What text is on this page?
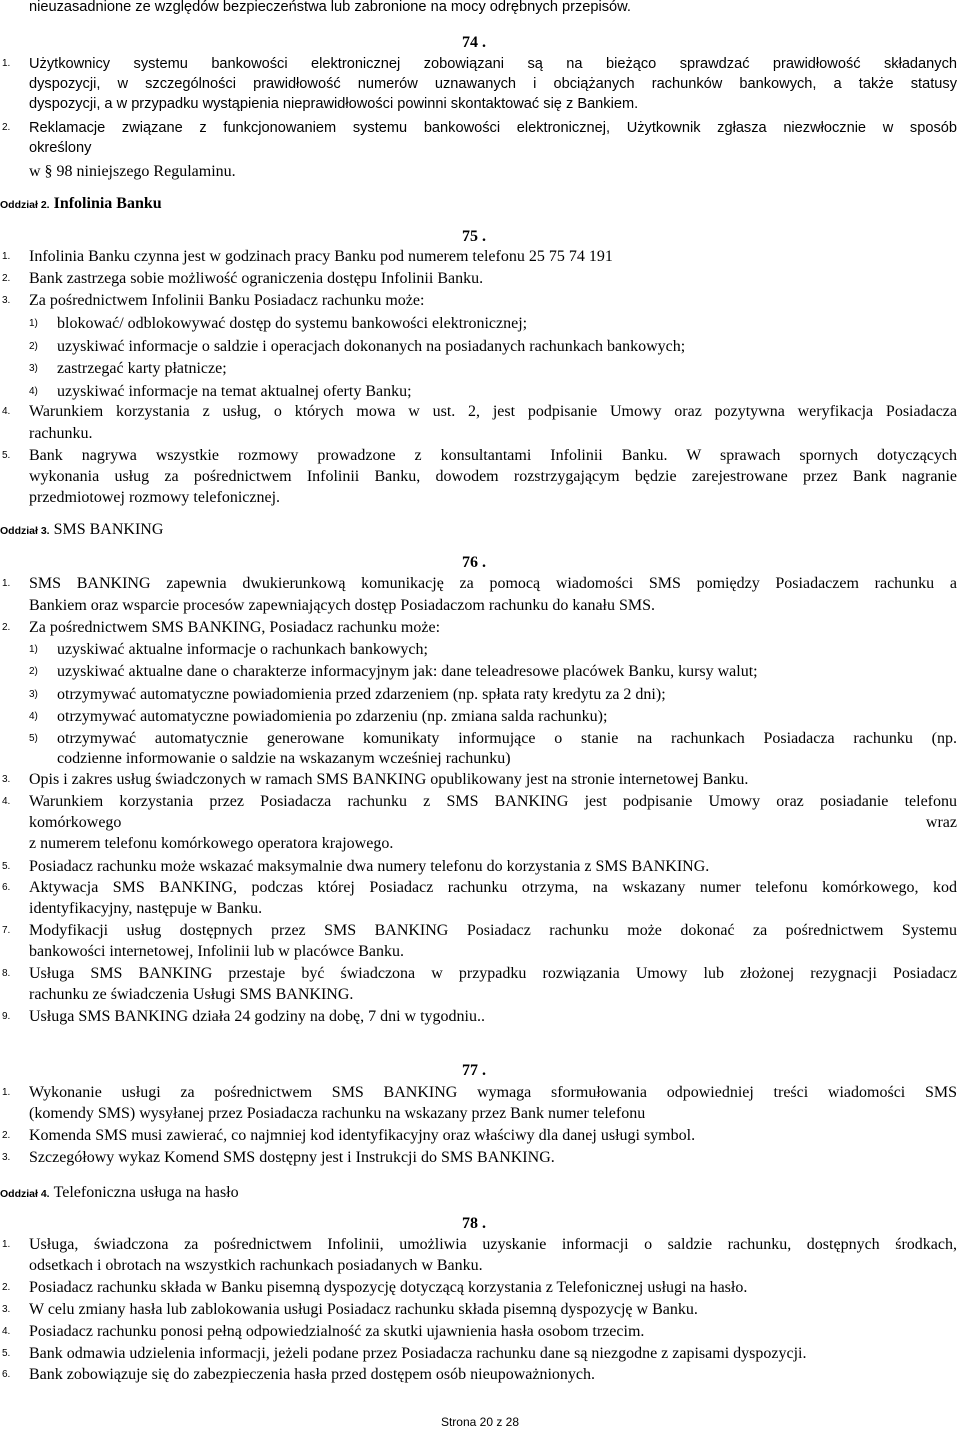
nieuzasadnione ze względów bezpieczeństwa lub zabronione na mocy odrębnych przepisów.
74 .
1. Użytkownicy systemu bankowości elektronicznej zobowiązani są na bieżąco sprawdzać prawidłowość składanych
dyspozycji, w szczególności prawidłowość numerów uznawanych i obciążanych rachunków bankowych, a także statusy
dyspozycji, a w przypadku wystąpienia nieprawidłowości powinni skontaktować się z Bankiem.
2. Reklamacje związane z funkcjonowaniem systemu bankowości elektronicznej, Użytkownik zgłasza niezwłocznie w sposób
określony
w § 98 niniejszego Regulaminu.
Oddział 2. Infolinia Banku
75 .
1. Infolinia Banku czynna jest w godzinach pracy Banku pod numerem telefonu 25 75 74 191
2. Bank zastrzega sobie możliwość ograniczenia dostępu Infolinii Banku.
3. Za pośrednictwem Infolinii Banku Posiadacz rachunku może:
1) blokować/ odblokowywać dostęp do systemu bankowości elektronicznej;
2) uzyskiwać informacje o saldzie i operacjach dokonanych na posiadanych rachunkach bankowych;
3) zastrzegać karty płatnicze;
4) uzyskiwać informacje na temat aktualnej oferty Banku;
4. Warunkiem korzystania z usług, o których mowa w ust. 2, jest podpisanie Umowy oraz pozytywna weryfikacja Posiadacza
rachunku.
5. Bank nagrywa wszystkie rozmowy prowadzone z konsultantami Infolinii Banku. W sprawach spornych dotyczących
wykonania usług za pośrednictwem Infolinii Banku, dowodem rozstrzygającym będzie zarejestrowane przez Bank nagranie
przedmiotowej rozmowy telefonicznej.
Oddział 3. SMS BANKING
76 .
1. SMS BANKING zapewnia dwukierunkową komunikację za pomocą wiadomości SMS pomiędzy Posiadaczem rachunku a
Bankiem oraz wsparcie procesów zapewniających dostęp Posiadaczom rachunku do kanału SMS.
2. Za pośrednictwem SMS BANKING, Posiadacz rachunku może:
1) uzyskiwać aktualne informacje o rachunkach bankowych;
2) uzyskiwać aktualne dane o charakterze informacyjnym jak: dane teleadresowe placówek Banku, kursy walut;
3) otrzymywać automatyczne powiadomienia przed zdarzeniem (np. spłata raty kredytu za 2 dni);
4) otrzymywać automatyczne powiadomienia po zdarzeniu (np. zmiana salda rachunku);
5) otrzymywać automatycznie generowane komunikaty informujące o stanie na rachunkach Posiadacza rachunku (np.
codzienne informowanie o saldzie na wskazanym wcześniej rachunku)
3. Opis i zakres usług świadczonych w ramach SMS BANKING opublikowany jest na stronie internetowej Banku.
4. Warunkiem korzystania przez Posiadacza rachunku z SMS BANKING jest podpisanie Umowy oraz posiadanie telefonu
komórkowego	wraz
z numerem telefonu komórkowego operatora krajowego.
5. Posiadacz rachunku może wskazać maksymalnie dwa numery telefonu do korzystania z SMS BANKING.
6. Aktywacja SMS BANKING, podczas której Posiadacz rachunku otrzyma, na wskazany numer telefonu komórkowego, kod
identyfikacyjny, następuje w Banku.
7. Modyfikacji usług dostępnych przez SMS BANKING Posiadacz rachunku może dokonać za pośrednictwem Systemu
bankowości internetowej, Infolinii lub w placówce Banku.
8. Usługa SMS BANKING przestaje być świadczona w przypadku rozwiązania Umowy lub złożonej rezygnacji Posiadacz
rachunku ze świadczenia Usługi SMS BANKING.
9. Usługa SMS BANKING działa 24 godziny na dobę, 7 dni w tygodniu..
77 .
1. Wykonanie usługi za pośrednictwem SMS BANKING wymaga sformułowania odpowiedniej treści wiadomości SMS
(komendy SMS) wysyłanej przez Posiadacza rachunku na wskazany przez Bank numer telefonu
2. Komenda SMS musi zawierać, co najmniej kod identyfikacyjny oraz właściwy dla danej usługi symbol.
3. Szczegółowy wykaz Komend SMS dostępny jest i Instrukcji do SMS BANKING.
Oddział 4. Telefoniczna usługa na hasło
78 .
1. Usługa, świadczona za pośrednictwem Infolinii, umożliwia uzyskanie informacji o saldzie rachunku, dostępnych środkach,
odsetkach i obrotach na wszystkich rachunkach posiadanych w Banku.
2. Posiadacz rachunku składa w Banku pisemną dyspozycję dotyczącą korzystania z Telefonicznej usługi na hasło.
3. W celu zmiany hasła lub zablokowania usługi Posiadacz rachunku składa pisemną dyspozycję w Banku.
4. Posiadacz rachunku ponosi pełną odpowiedzialność za skutki ujawnienia hasła osobom trzecim.
5. Bank odmawia udzielenia informacji, jeżeli podane przez Posiadacza rachunku dane są niezgodne z zapisami dyspozycji.
6. Bank zobowiązuje się do zabezpieczenia hasła przed dostępem osób nieupoważnionych.
Strona 20 z 28
